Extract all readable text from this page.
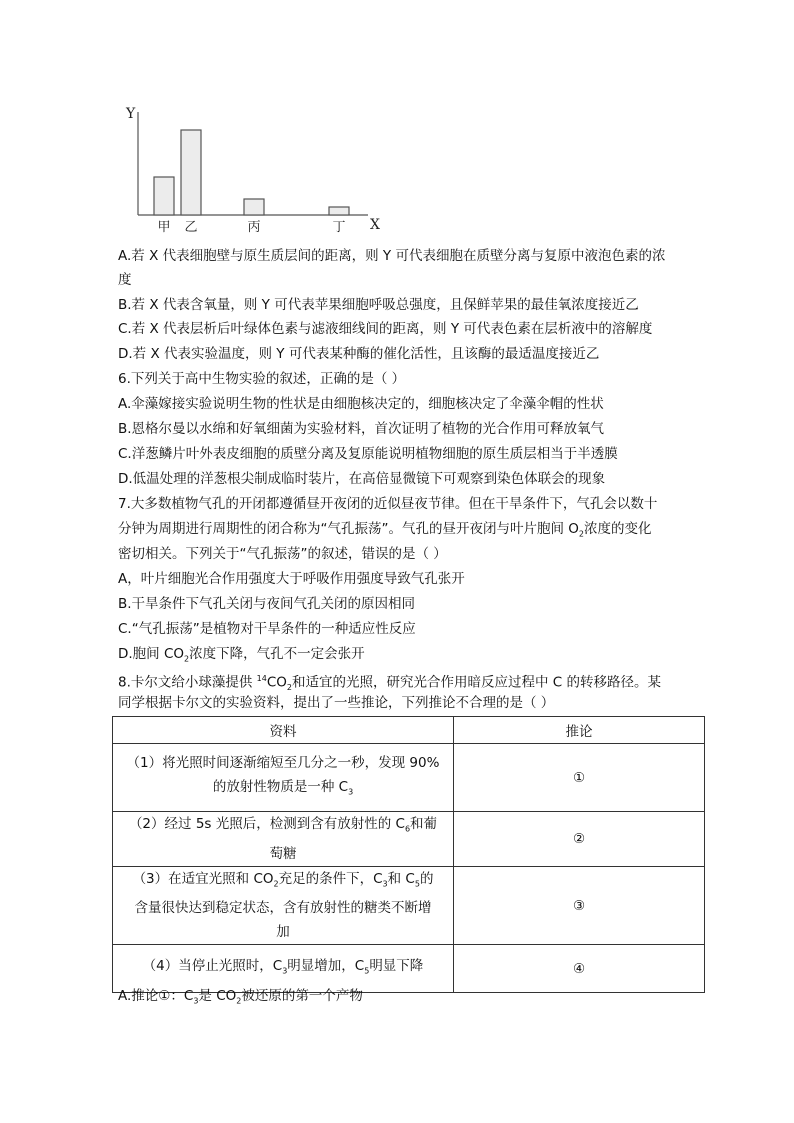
Y
X
甲 乙	丙	丁
A.若 X 代表细胞壁与原生质层间的距离，则 Y 可代表细胞在质壁分离与复原中液泡色素的浓
度
B.若 X 代表含氧量，则 Y 可代表苹果细胞呼吸总强度，且保鲜苹果的最佳氧浓度接近乙
C.若 X 代表层析后叶绿体色素与滤液细线间的距离，则 Y 可代表色素在层析液中的溶解度
D.若 X 代表实验温度，则 Y 可代表某种酶的催化活性，且该酶的最适温度接近乙
6.下列关于高中生物实验的叙述，正确的是（ ）
A.伞藻嫁接实验说明生物的性状是由细胞核决定的，细胞核决定了伞藻伞帽的性状
B.恩格尔曼以水绵和好氧细菌为实验材料，首次证明了植物的光合作用可释放氧气
C.洋葱鳞片叶外表皮细胞的质壁分离及复原能说明植物细胞的原生质层相当于半透膜
D.低温处理的洋葱根尖制成临时装片，在高倍显微镜下可观察到染色体联会的现象
7.大多数植物气孔的开闭都遵循昼开夜闭的近似昼夜节律。但在干旱条件下，气孔会以数十
分钟为周期进行周期性的闭合称为“气孔振荡”。气孔的昼开夜闭与叶片胞间 $O_2$浓度的变化
密切相关。下列关于“气孔振荡”的叙述，错误的是（ ）
A，叶片细胞光合作用强度大于呼吸作用强度导致气孔张开
B.干旱条件下气孔关闭与夜间气孔关闭的原因相同
C.“气孔振荡”是植物对干旱条件的一种适应性反应
D.胞间 $CO_2$浓度下降，气孔不一定会张开
8.卡尔文给小球藻提供 $^{14}CO_2$和适宜的光照，研究光合作用暗反应过程中 C 的转移路径。某
同学根据卡尔文的实验资料，提出了一些推论，下列推论不合理的是（ ）
资料	推论

（1）将光照时间逐渐缩短至几分之一秒，发现 90%
的放射性物质是一种 $C_3$	①

（2）经过 5s 光照后，检测到含有放射性的 $C_6$和葡
萄糖	②

（3）在适宜光照和 $CO_2$充足的条件下，$C_3$和 $C_5$的
含量很快达到稳定状态，含有放射性的糖类不断增
加	③

（4）当停止光照时，$C_3$明显增加，$C_5$明显下降	④
A.推论①：$C_3$是 $CO_2$被还原的第一个产物
